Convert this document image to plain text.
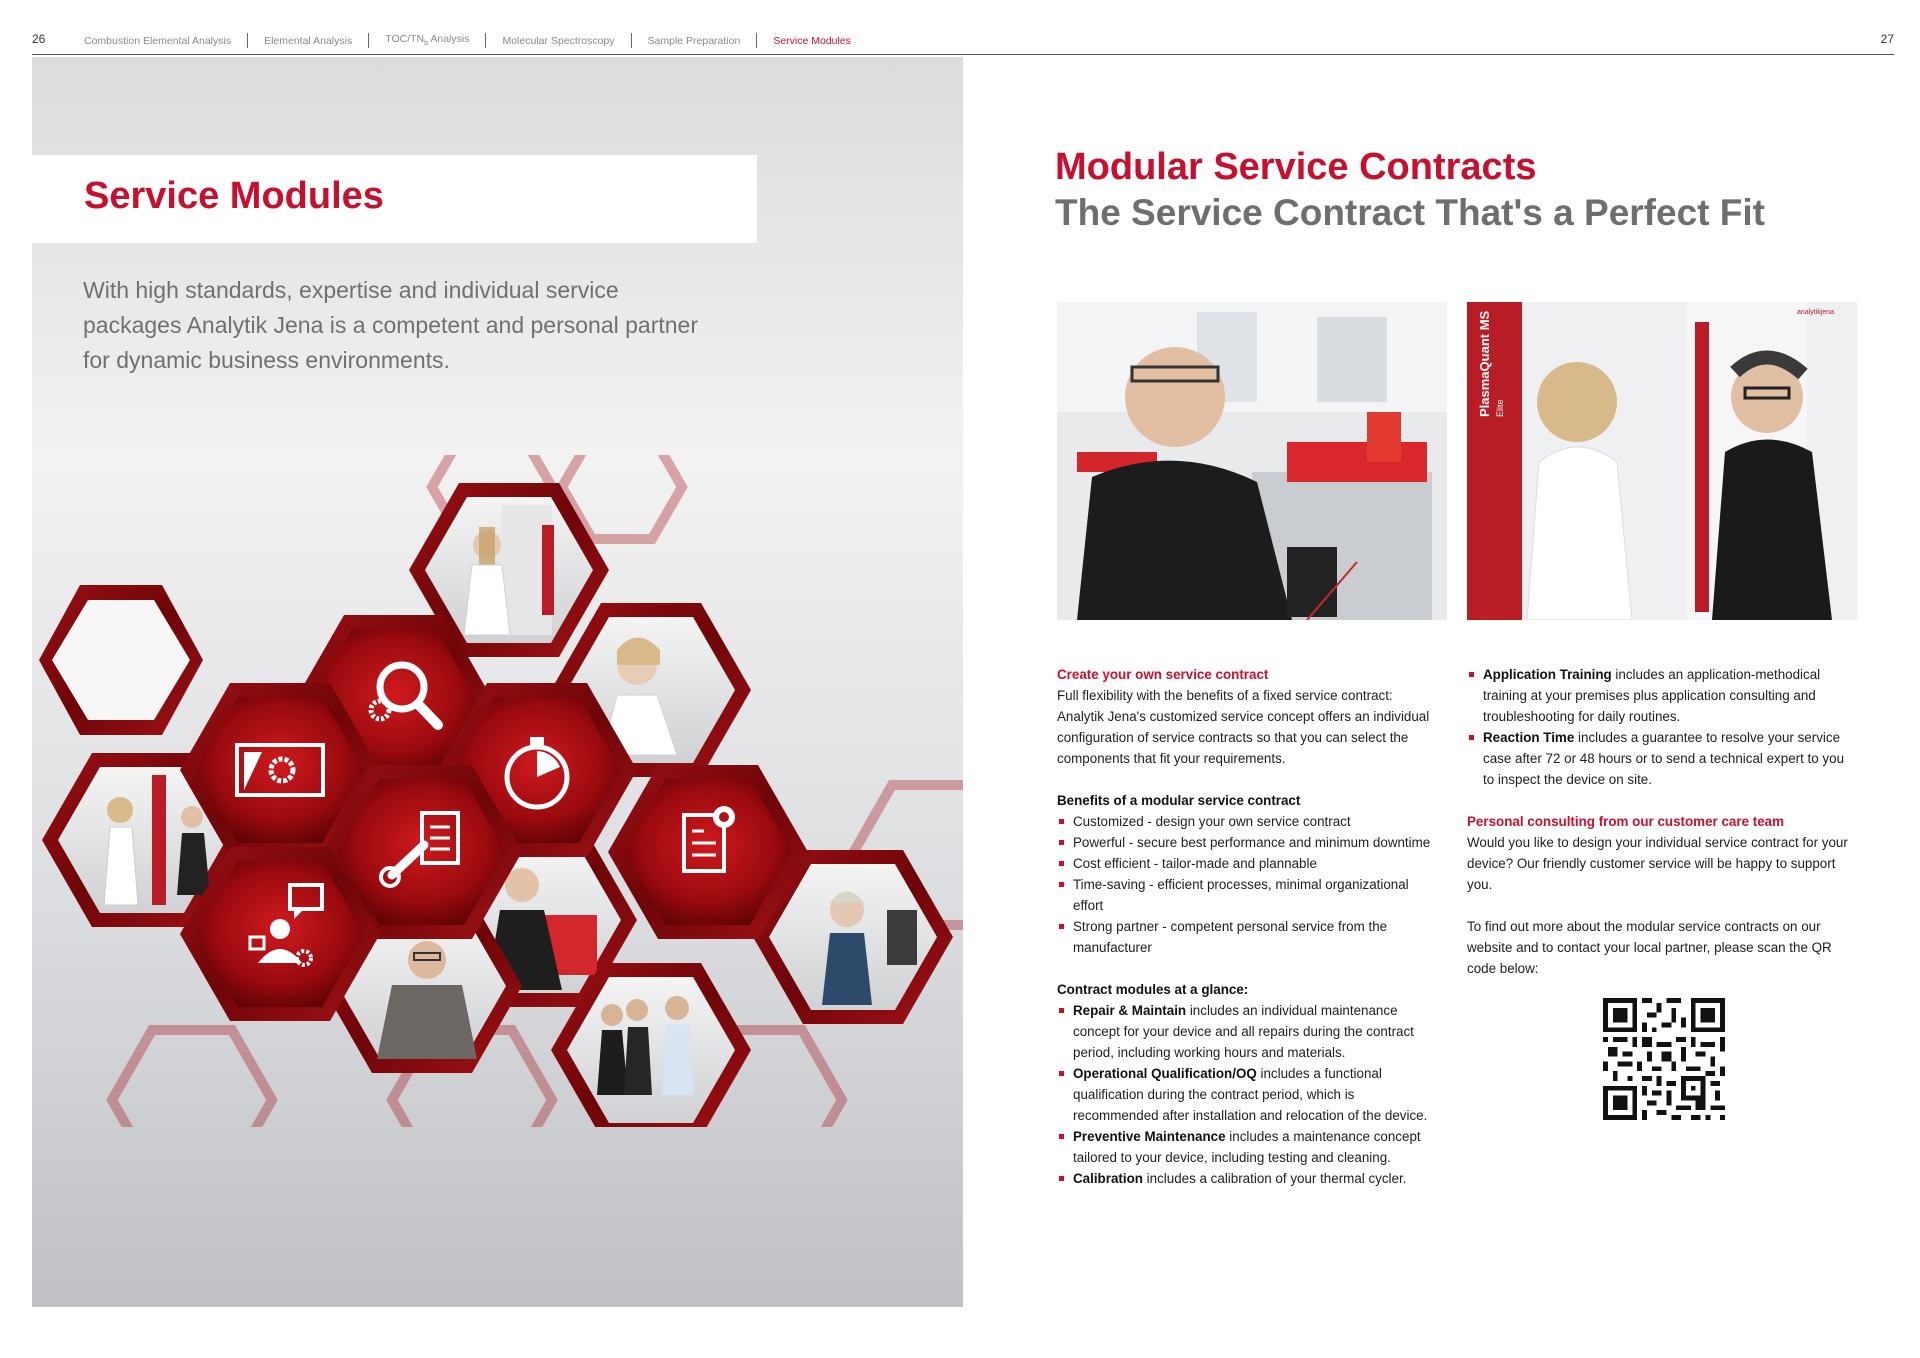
26	Combustion Elemental Analysis	Elemental Analysis	TOC/$TN_b$ Analysis	Molecular Spectroscopy	Sample Preparation	Service Modules	27
Service Modules

With high standards, expertise and individual service packages Analytik Jena is a competent and personal partner for dynamic business environments.

Modular Service Contracts
The Service Contract That's a Perfect Fit
PlasmaQuant MS Elite
analytikjena

Create your own service contract

Full flexibility with the benefits of a fixed service contract: Analytik Jena's customized service concept offers an individual configuration of service contracts so that you can select the components that fit your requirements.

Benefits of a modular service contract

Customized - design your own service contract
Powerful - secure best performance and minimum downtime
Cost efficient - tailor-made and plannable
Time-saving - efficient processes, minimal organizational effort
Strong partner - competent personal service from the manufacturer

Contract modules at a glance:

Repair & Maintain includes an individual maintenance concept for your device and all repairs during the contract period, including working hours and materials.
Operational Qualification/OQ includes a functional qualification during the contract period, which is recommended after installation and relocation of the device.
Preventive Maintenance includes a maintenance concept tailored to your device, including testing and cleaning.
Calibration includes a calibration of your thermal cycler.
Application Training includes an application-methodical training at your premises plus application consulting and troubleshooting for daily routines.
Reaction Time includes a guarantee to resolve your service case after 72 or 48 hours or to send a technical expert to you to inspect the device on site.

Personal consulting from our customer care team

Would you like to design your individual service contract for your device? Our friendly customer service will be happy to support you.

To find out more about the modular service contracts on our website and to contact your local partner, please scan the QR code below:
